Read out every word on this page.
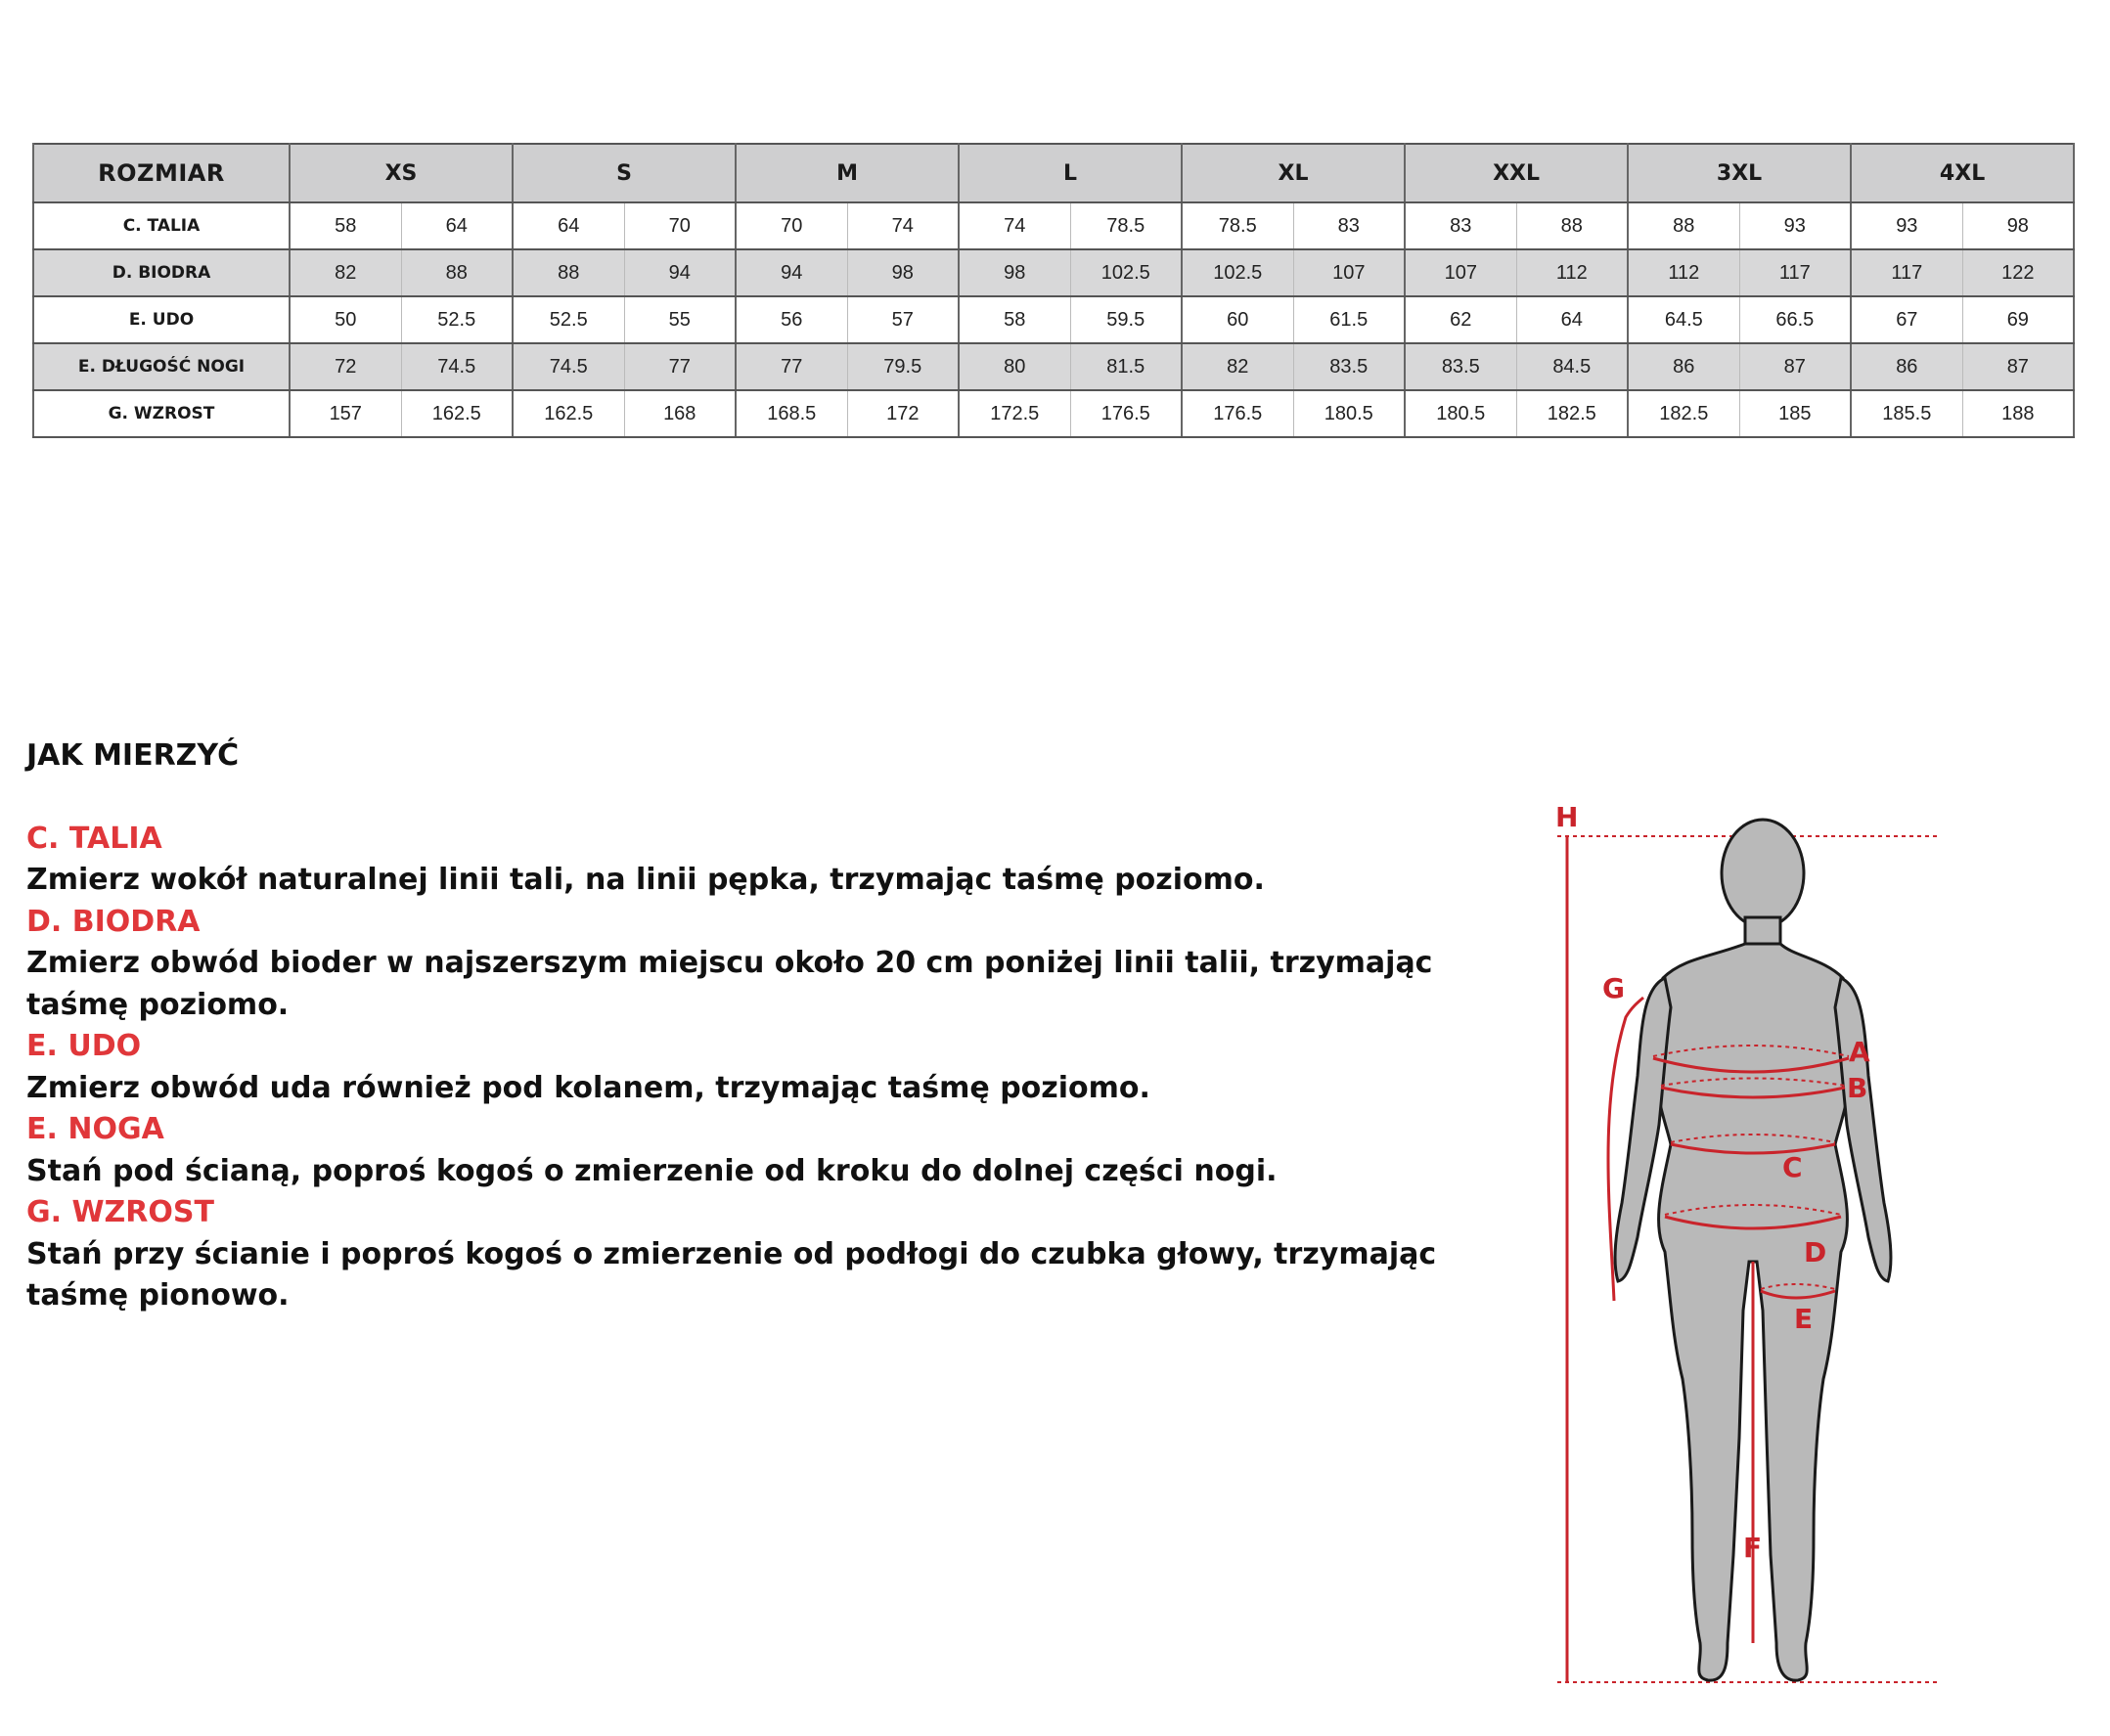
ROZMIAR	XS		S		M		L		XL		XXL		3XL		4XL	
C. TALIA	58	64	64	70	70	74	74	78.5	78.5	83	83	88	88	93	93	98
D. BIODRA	82	88	88	94	94	98	98	102.5	102.5	107	107	112	112	117	117	122
E. UDO	50	52.5	52.5	55	56	57	58	59.5	60	61.5	62	64	64.5	66.5	67	69
E. DŁUGOŚĆ NOGI	72	74.5	74.5	77	77	79.5	80	81.5	82	83.5	83.5	84.5	86	87	86	87
G. WZROST	157	162.5	162.5	168	168.5	172	172.5	176.5	176.5	180.5	180.5	182.5	182.5	185	185.5	188
JAK MIERZYĆ
C. TALIA
Zmierz wokół naturalnej linii tali, na linii pępka, trzymając taśmę poziomo.
D. BIODRA
Zmierz obwód bioder w najszerszym miejscu około 20 cm poniżej linii talii, trzymając taśmę poziomo.
E. UDO
Zmierz obwód uda również pod kolanem, trzymając taśmę poziomo.
E. NOGA
Stań pod ścianą, poproś kogoś o zmierzenie od kroku do dolnej części nogi.
G. WZROST
Stań przy ścianie i poproś kogoś o zmierzenie od podłogi do czubka głowy, trzymając taśmę pionowo.
H
G
A
B
C
D
E
F
